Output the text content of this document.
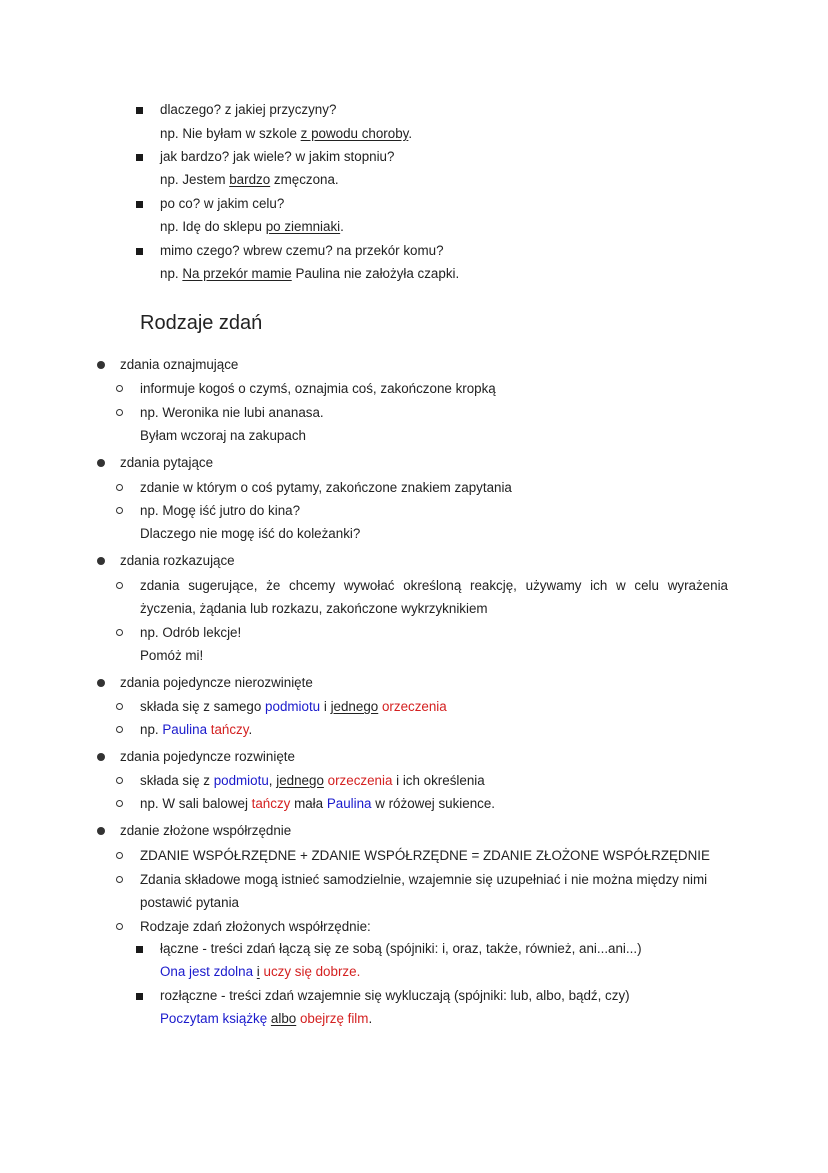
dlaczego? z jakiej przyczyny?
np. Nie byłam w szkole z powodu choroby.
jak bardzo? jak wiele? w jakim stopniu?
np. Jestem bardzo zmęczona.
po co? w jakim celu?
np. Idę do sklepu po ziemniaki.
mimo czego? wbrew czemu? na przekór komu?
np. Na przekór mamie Paulina nie założyła czapki.
Rodzaje zdań
zdania oznajmujące
informuje kogoś o czymś, oznajmia coś, zakończone kropką
np. Weronika nie lubi ananasa.
Byłam wczoraj na zakupach
zdania pytające
zdanie w którym o coś pytamy, zakończone znakiem zapytania
np. Mogę iść jutro do kina?
Dlaczego nie mogę iść do koleżanki?
zdania rozkazujące
zdania sugerujące, że chcemy wywołać określoną reakcję, używamy ich w celu wyrażenia
życzenia, żądania lub rozkazu, zakończone wykrzyknikiem
np. Odrób lekcje!
Pomóż mi!
zdania pojedyncze nierozwinięte
składa się z samego podmiotu i jednego orzeczenia
np. Paulina tańczy.
zdania pojedyncze rozwinięte
składa się z podmiotu, jednego orzeczenia i ich określenia
np. W sali balowej tańczy mała Paulina w różowej sukience.
zdanie złożone współrzędnie
ZDANIE WSPÓŁRZĘDNE + ZDANIE WSPÓŁRZĘDNE = ZDANIE ZŁOŻONE WSPÓŁRZĘDNIE
Zdania składowe mogą istnieć samodzielnie, wzajemnie się uzupełniać i nie można między nimi
postawić pytania
Rodzaje zdań złożonych współrzędnie:
łączne - treści zdań łączą się ze sobą (spójniki: i, oraz, także, również, ani...ani...)
Ona jest zdolna i uczy się dobrze.
rozłączne - treści zdań wzajemnie się wykluczają (spójniki: lub, albo, bądź, czy)
Poczytam książkę albo obejrzę film.
